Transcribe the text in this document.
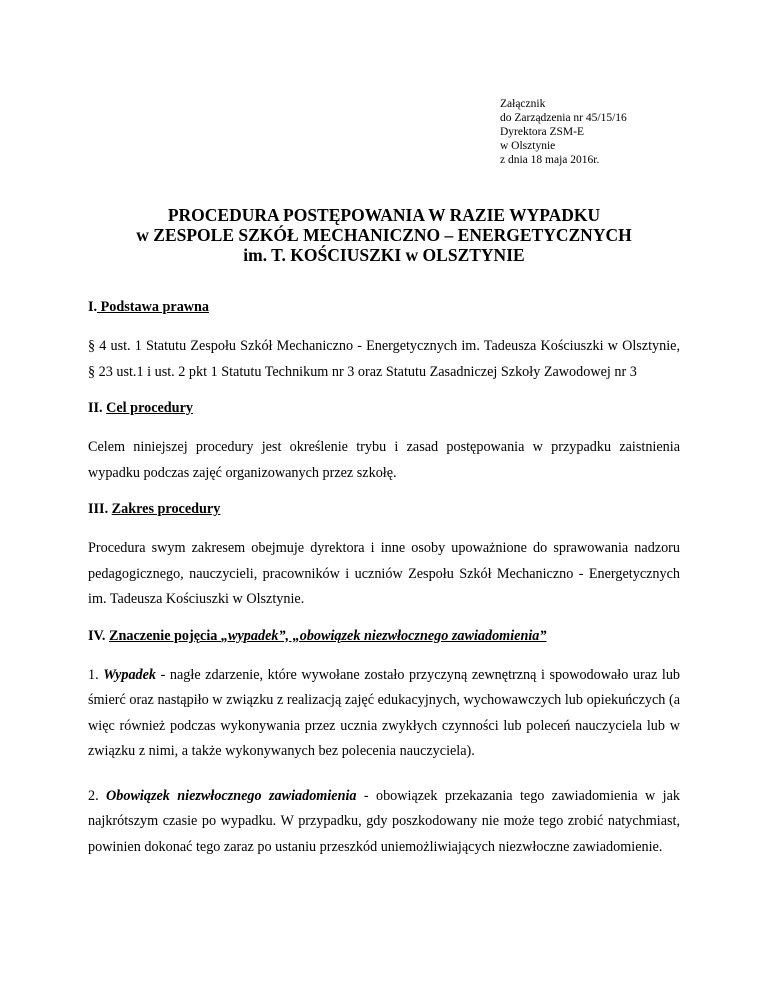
Załącznik
do Zarządzenia nr 45/15/16
Dyrektora ZSM-E
w Olsztynie
z dnia 18 maja 2016r.
PROCEDURA POSTĘPOWANIA W RAZIE WYPADKU
w ZESPOLE SZKÓŁ MECHANICZNO – ENERGETYCZNYCH
im. T. KOŚCIUSZKI w OLSZTYNIE

I. Podstawa prawna

§ 4 ust. 1 Statutu Zespołu Szkół Mechaniczno - Energetycznych im. Tadeusza Kościuszki w Olsztynie, § 23 ust.1 i ust. 2 pkt 1 Statutu Technikum nr 3 oraz Statutu Zasadniczej Szkoły Zawodowej nr 3

II. Cel procedury

Celem niniejszej procedury jest określenie trybu i zasad postępowania w przypadku zaistnienia wypadku podczas zajęć organizowanych przez szkołę.

III. Zakres procedury

Procedura swym zakresem obejmuje dyrektora i inne osoby upoważnione do sprawowania nadzoru pedagogicznego, nauczycieli, pracowników i uczniów Zespołu Szkół Mechaniczno - Energetycznych im. Tadeusza Kościuszki w Olsztynie.

IV. Znaczenie pojęcia „wypadek”, „obowiązek niezwłocznego zawiadomienia”

1. Wypadek - nagłe zdarzenie, które wywołane zostało przyczyną zewnętrzną i spowodowało uraz lub śmierć oraz nastąpiło w związku z realizacją zajęć edukacyjnych, wychowawczych lub opiekuńczych (a więc również podczas wykonywania przez ucznia zwykłych czynności lub poleceń nauczyciela lub w związku z nimi, a także wykonywanych bez polecenia nauczyciela).

2. Obowiązek niezwłocznego zawiadomienia - obowiązek przekazania tego zawiadomienia w jak najkrótszym czasie po wypadku. W przypadku, gdy poszkodowany nie może tego zrobić natychmiast, powinien dokonać tego zaraz po ustaniu przeszkód uniemożliwiających niezwłoczne zawiadomienie.
